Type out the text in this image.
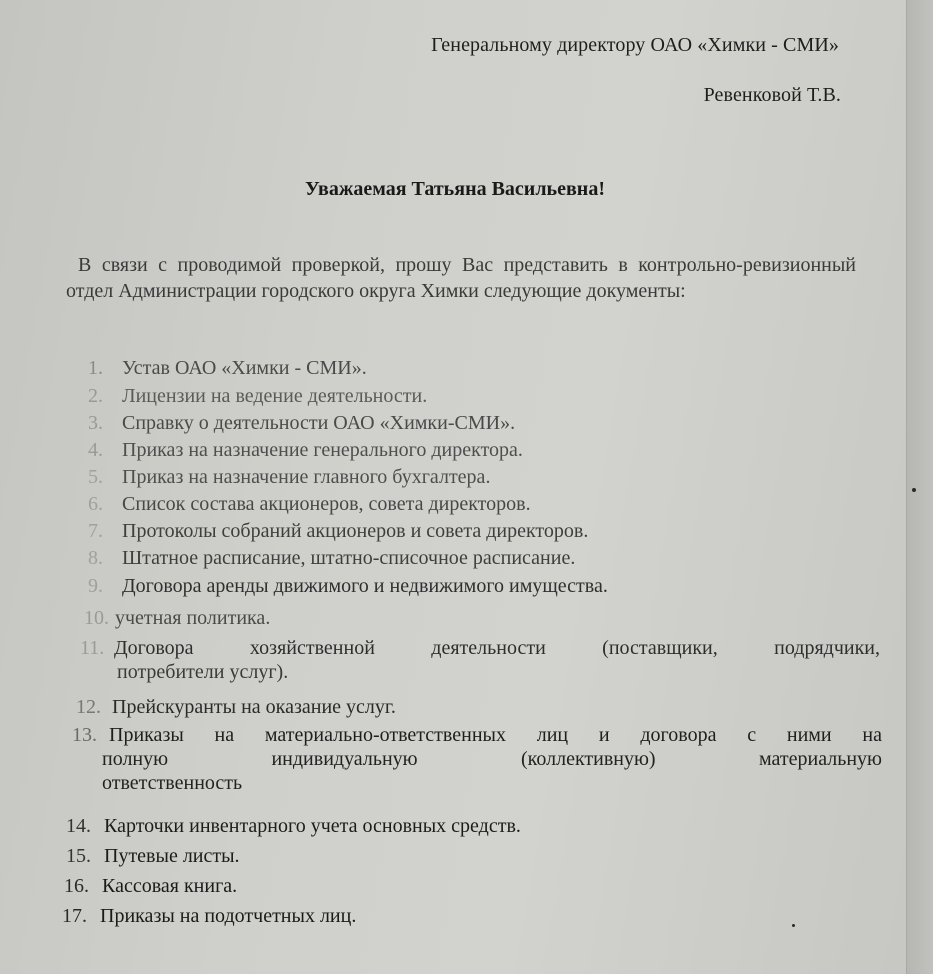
Генеральному директору ОАО «Химки - СМИ»
Ревенковой Т.В.
Уважаемая Татьяна Васильевна!
В связи с проводимой проверкой, прошу Вас представить в контрольно-ревизионный отдел Администрации городского округа Химки следующие документы:
1. Устав ОАО «Химки - СМИ».
2. Лицензии на ведение деятельности.
3. Справку о деятельности ОАО «Химки-СМИ».
4. Приказ на назначение генерального директора.
5. Приказ на назначение главного бухгалтера.
6. Список состава акционеров, совета директоров.
7. Протоколы собраний акционеров и совета директоров.
8. Штатное расписание, штатно-списочное расписание.
9. Договора аренды движимого и недвижимого имущества.
10. учетная политика.
11. Договора хозяйственной деятельности (поставщики, подрядчики,
потребители услуг).
12. Прейскуранты на оказание услуг.
13. Приказы на материально-ответственных лиц и договора с ними на
полную индивидуальную (коллективную) материальную
ответственность
14. Карточки инвентарного учета основных средств.
15. Путевые листы.
16. Кассовая книга.
17. Приказы на подотчетных лиц.
